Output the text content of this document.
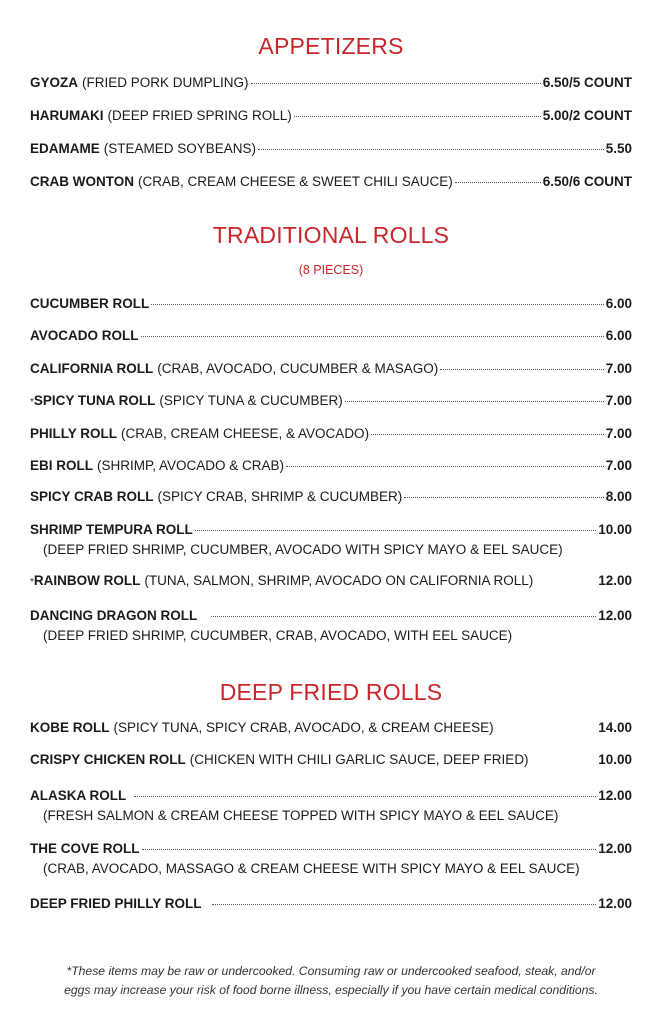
APPETIZERS
GYOZA (FRIED PORK DUMPLING)	6.50/5 COUNT
HARUMAKI (DEEP FRIED SPRING ROLL)	5.00/2 COUNT
EDAMAME (STEAMED SOYBEANS)	5.50
CRAB WONTON (CRAB, CREAM CHEESE & SWEET CHILI SAUCE)	6.50/6 COUNT
TRADITIONAL ROLLS
(8 PIECES)
CUCUMBER ROLL	6.00
AVOCADO ROLL	6.00
CALIFORNIA ROLL (CRAB, AVOCADO, CUCUMBER & MASAGO)	7.00
* SPICY TUNA ROLL (SPICY TUNA & CUCUMBER)	7.00
PHILLY ROLL (CRAB, CREAM CHEESE, & AVOCADO)	7.00
EBI ROLL (SHRIMP, AVOCADO & CRAB)	7.00
SPICY CRAB ROLL (SPICY CRAB, SHRIMP & CUCUMBER)	8.00
SHRIMP TEMPURA ROLL	10.00
(DEEP FRIED SHRIMP, CUCUMBER, AVOCADO WITH SPICY MAYO & EEL SAUCE)
* RAINBOW ROLL (TUNA, SALMON, SHRIMP, AVOCADO ON CALIFORNIA ROLL)	12.00
DANCING DRAGON ROLL	12.00
(DEEP FRIED SHRIMP, CUCUMBER, CRAB, AVOCADO, WITH EEL SAUCE)
DEEP FRIED ROLLS
KOBE ROLL (SPICY TUNA, SPICY CRAB, AVOCADO, & CREAM CHEESE)	14.00
CRISPY CHICKEN ROLL (CHICKEN WITH CHILI GARLIC SAUCE, DEEP FRIED)	10.00
ALASKA ROLL	12.00
(FRESH SALMON & CREAM CHEESE TOPPED WITH SPICY MAYO & EEL SAUCE)
THE COVE ROLL	12.00
(CRAB, AVOCADO, MASSAGO & CREAM CHEESE WITH SPICY MAYO & EEL SAUCE)
DEEP FRIED PHILLY ROLL	12.00
*These items may be raw or undercooked. Consuming raw or undercooked seafood, steak, and/or
eggs may increase your risk of food borne illness, especially if you have certain medical conditions.
